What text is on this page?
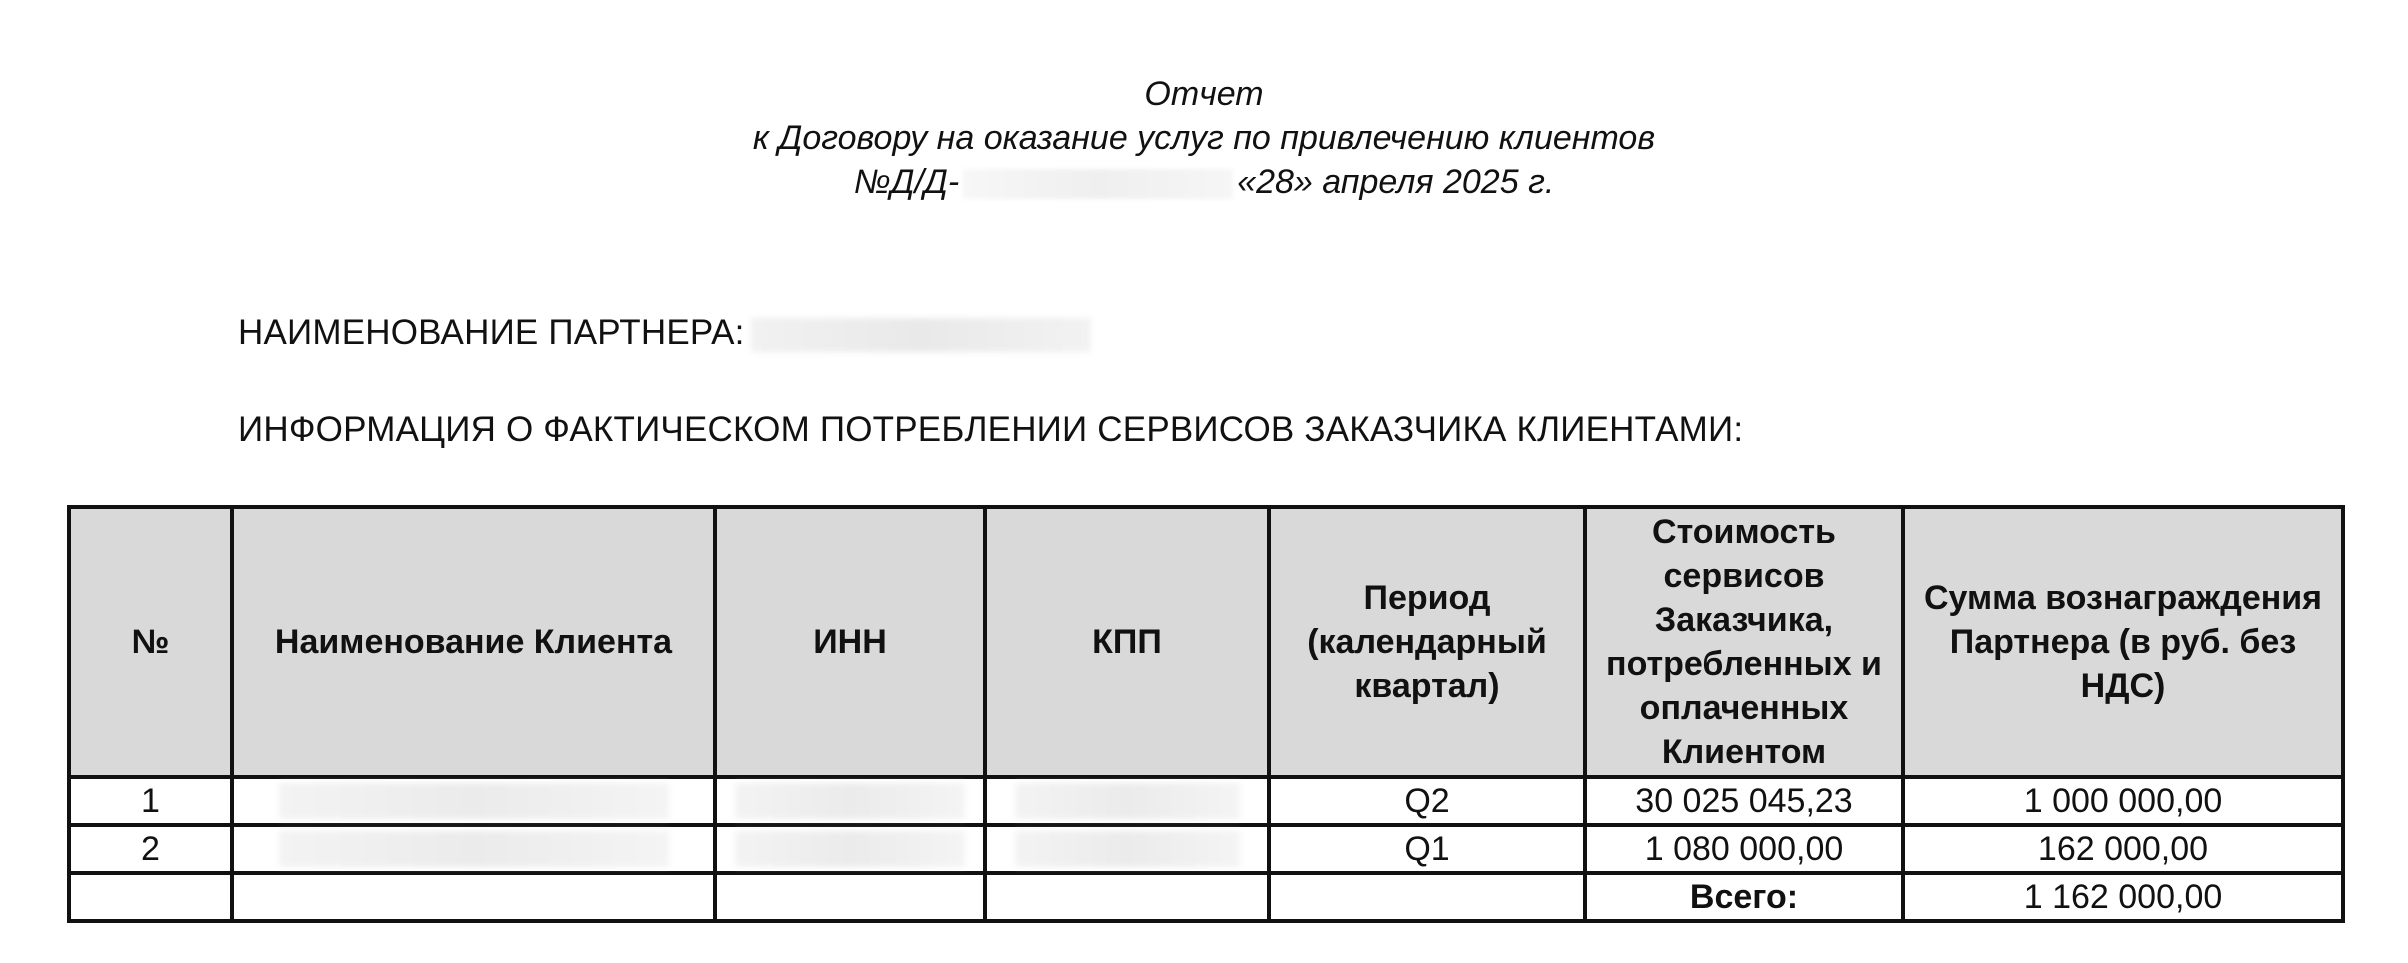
Отчет
к Договору на оказание услуг по привлечению клиентов
№Д/Д-	«28» апреля 2025 г.
НАИМЕНОВАНИЕ ПАРТНЕРА:
ИНФОРМАЦИЯ О ФАКТИЧЕСКОМ ПОТРЕБЛЕНИИ СЕРВИСОВ ЗАКАЗЧИКА КЛИЕНТАМИ:
№	Наименование Клиента	ИНН	КПП	Период (календарный квартал)	Стоимость сервисов Заказчика, потребленных и оплаченных Клиентом	Сумма вознаграждения Партнера (в руб. без НДС)

1				Q2	30 025 045,23	1 000 000,00
2				Q1	1 080 000,00	162 000,00
					Всего:	1 162 000,00
